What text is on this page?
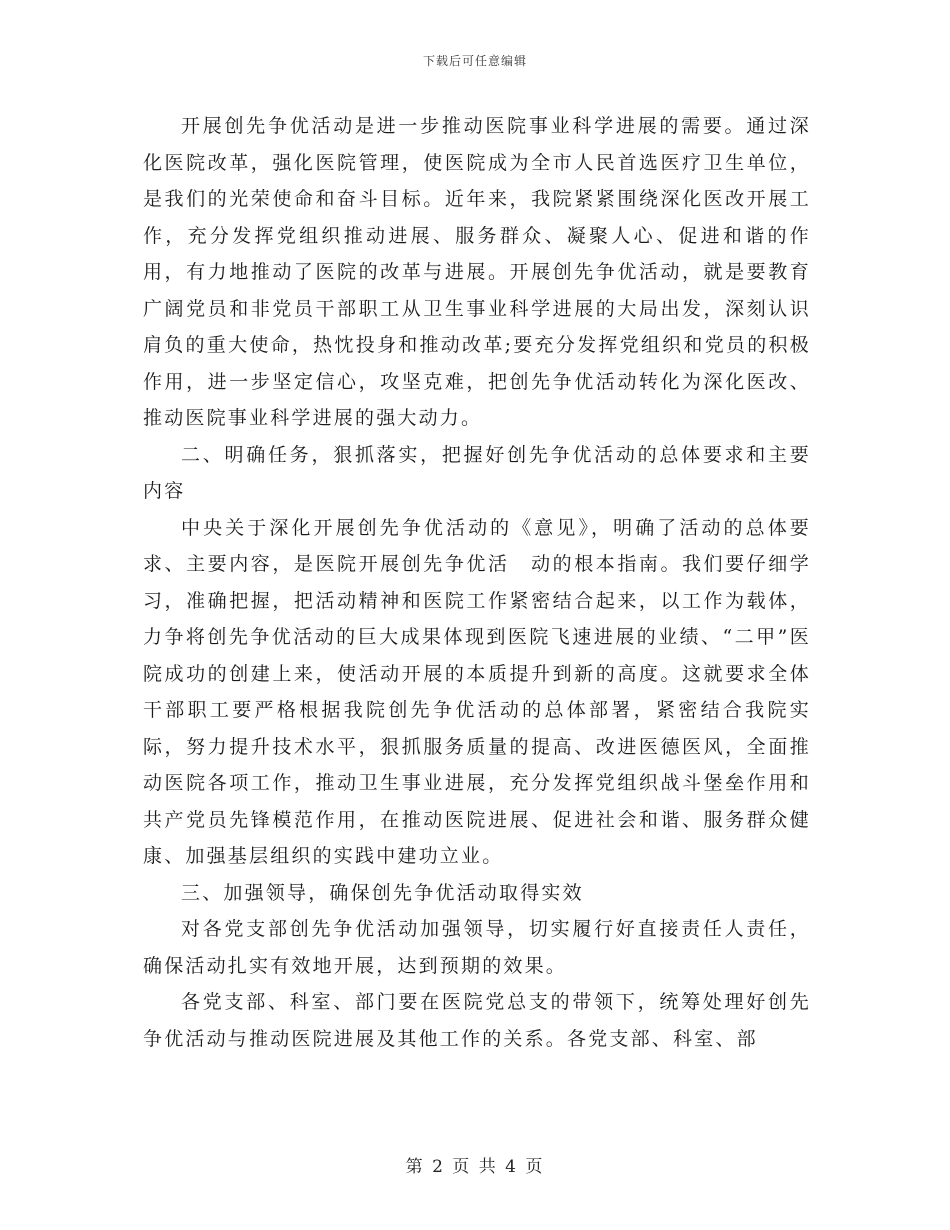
下载后可任意编辑

开展创先争优活动是进一步推动医院事业科学进展的需要。通过深化医院改革，强化医院管理，使医院成为全市人民首选医疗卫生单位，是我们的光荣使命和奋斗目标。近年来，我院紧紧围绕深化医改开展工作，充分发挥党组织推动进展、服务群众、凝聚人心、促进和谐的作用，有力地推动了医院的改革与进展。开展创先争优活动，就是要教育广阔党员和非党员干部职工从卫生事业科学进展的大局出发，深刻认识肩负的重大使命，热忱投身和推动改革;要充分发挥党组织和党员的积极作用，进一步坚定信心，攻坚克难，把创先争优活动转化为深化医改、推动医院事业科学进展的强大动力。

二、明确任务，狠抓落实，把握好创先争优活动的总体要求和主要内容

中央关于深化开展创先争优活动的《意见》，明确了活动的总体要求、主要内容，是医院开展创先争优活　动的根本指南。我们要仔细学习，准确把握，把活动精神和医院工作紧密结合起来，以工作为载体，力争将创先争优活动的巨大成果体现到医院飞速进展的业绩、“二甲”医院成功的创建上来，使活动开展的本质提升到新的高度。这就要求全体干部职工要严格根据我院创先争优活动的总体部署，紧密结合我院实际，努力提升技术水平，狠抓服务质量的提高、改进医德医风，全面推动医院各项工作，推动卫生事业进展，充分发挥党组织战斗堡垒作用和共产党员先锋模范作用，在推动医院进展、促进社会和谐、服务群众健康、加强基层组织的实践中建功立业。

三、加强领导，确保创先争优活动取得实效

对各党支部创先争优活动加强领导，切实履行好直接责任人责任，确保活动扎实有效地开展，达到预期的效果。

各党支部、科室、部门要在医院党总支的带领下，统筹处理好创先争优活动与推动医院进展及其他工作的关系。各党支部、科室、部

第 2 页 共 4 页
